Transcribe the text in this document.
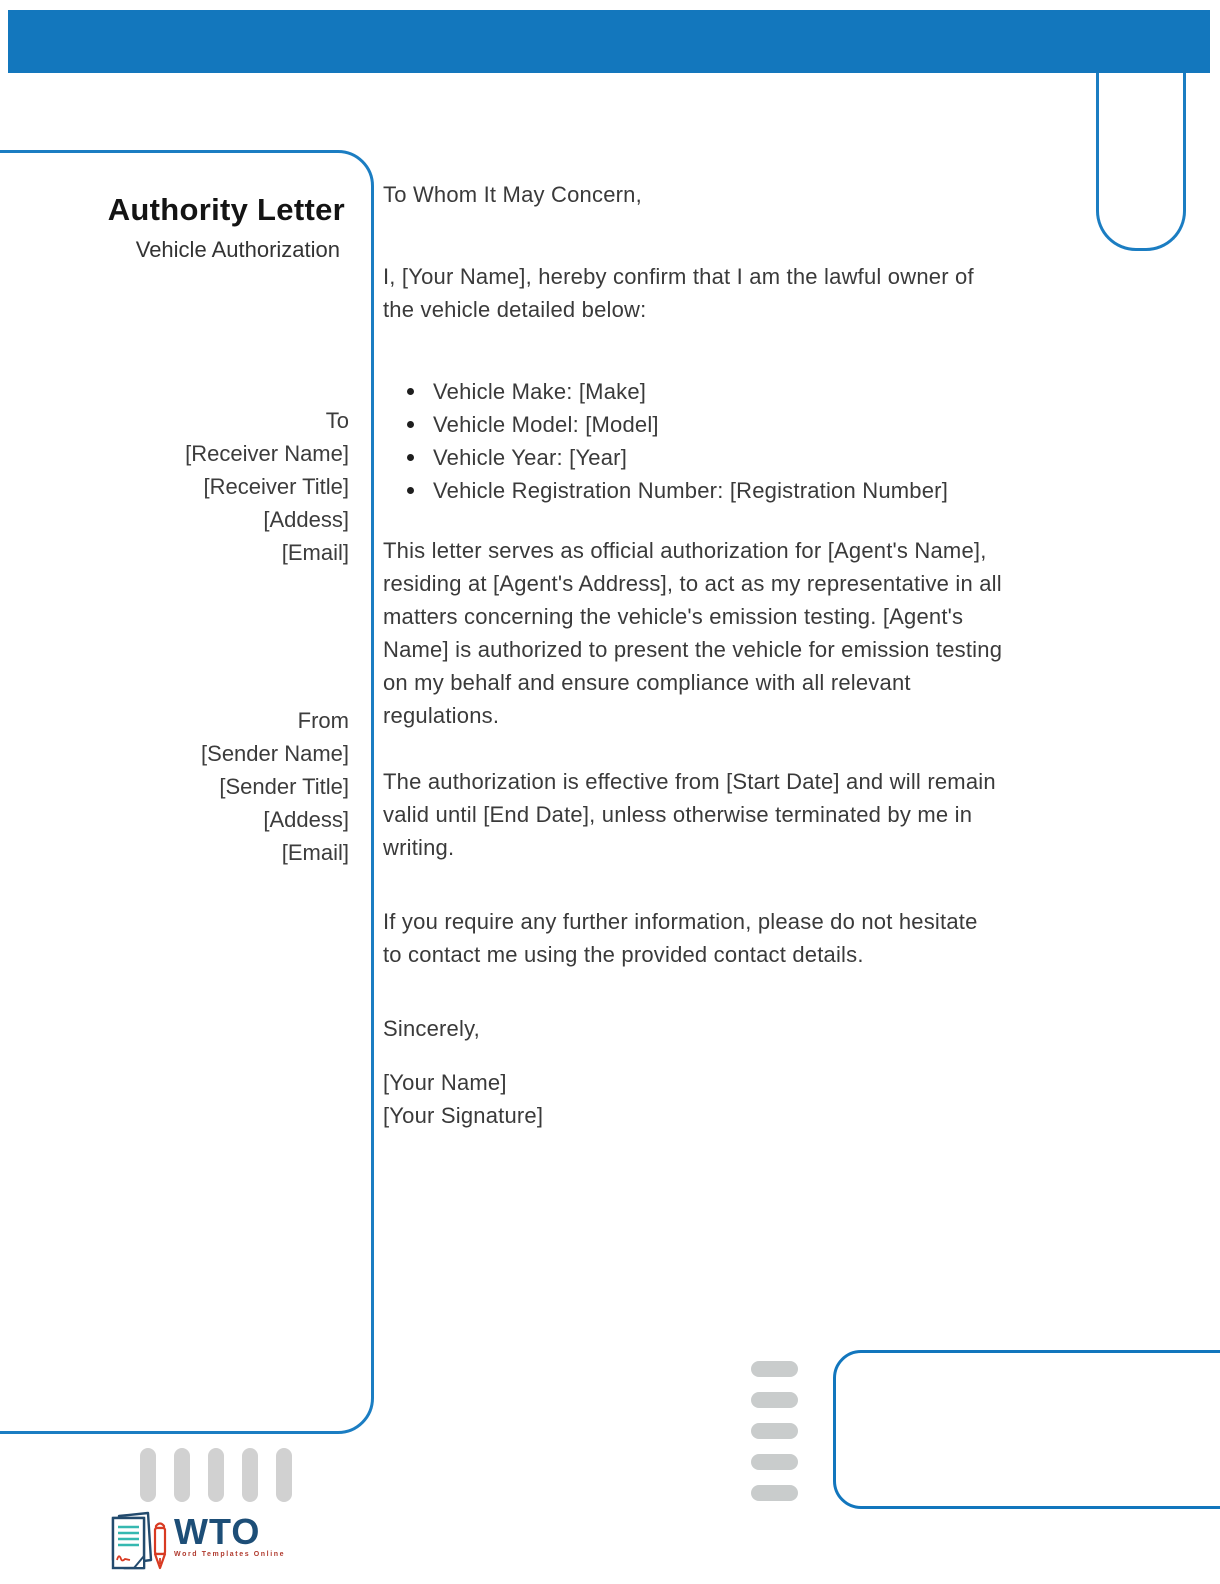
Authority Letter
Vehicle Authorization
To
[Receiver Name]
[Receiver Title]
[Addess]
[Email]
From
[Sender Name]
[Sender Title]
[Addess]
[Email]
To Whom It May Concern,
I, [Your Name], hereby confirm that I am the lawful owner of
the vehicle detailed below:
Vehicle Make: [Make]
Vehicle Model: [Model]
Vehicle Year: [Year]
Vehicle Registration Number: [Registration Number]
This letter serves as official authorization for [Agent's Name],
residing at [Agent's Address], to act as my representative in all
matters concerning the vehicle's emission testing. [Agent's
Name] is authorized to present the vehicle for emission testing
on my behalf and ensure compliance with all relevant
regulations.
The authorization is effective from [Start Date] and will remain
valid until [End Date], unless otherwise terminated by me in
writing.
If you require any further information, please do not hesitate
to contact me using the provided contact details.
Sincerely,
[Your Name]
[Your Signature]
WTO
Word Templates Online
